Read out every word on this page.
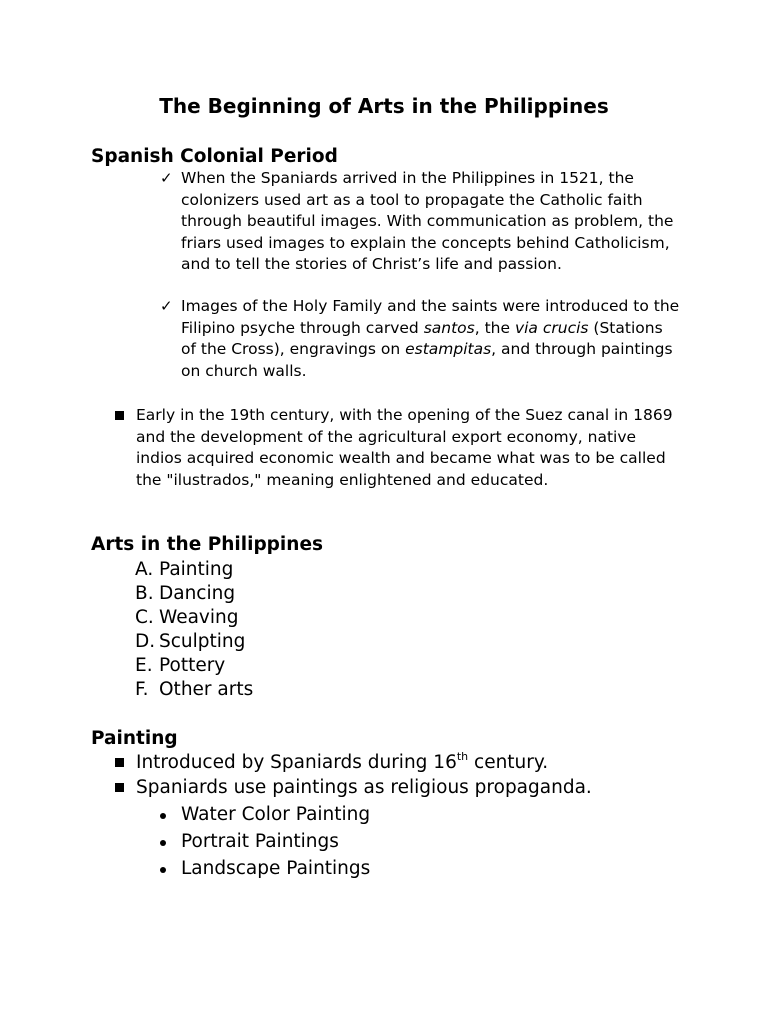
The Beginning of Arts in the Philippines
Spanish Colonial Period
✓ When the Spaniards arrived in the Philippines in 1521, the colonizers used art as a tool to propagate the Catholic faith through beautiful images. With communication as problem, the friars used images to explain the concepts behind Catholicism, and to tell the stories of Christ’s life and passion.

✓ Images of the Holy Family and the saints were introduced to the Filipino psyche through carved santos, the via crucis (Stations of the Cross), engravings on estampitas, and through paintings on church walls.

Early in the 19th century, with the opening of the Suez canal in 1869 and the development of the agricultural export economy, native indios acquired economic wealth and became what was to be called the "ilustrados," meaning enlightened and educated.

Arts in the Philippines
A. Painting
B. Dancing
C. Weaving
D. Sculpting
E. Pottery
F. Other arts
Painting

Introduced by Spaniards during 16th century.

Spaniards use paintings as religious propaganda.

Water Color Painting

Portrait Paintings

Landscape Paintings
